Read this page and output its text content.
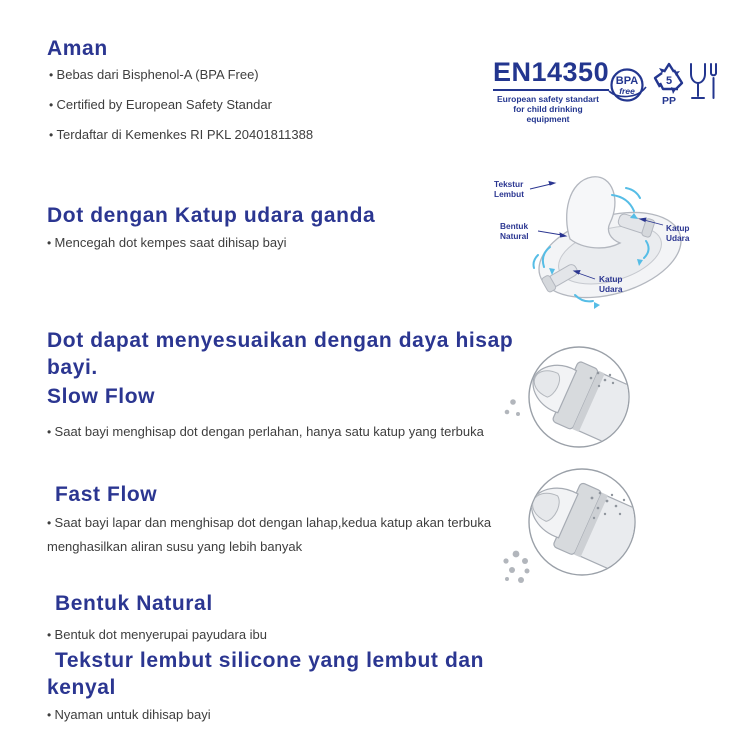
Aman
• Bebas dari Bisphenol-A (BPA Free)
• Certified by European Safety Standar
• Terdaftar di Kemenkes RI PKL 20401811388
EN14350
European safety standart
for child drinking equipment
BPA
free
5
PP
Tekstur
Lembut
Bentuk
Natural
Katup
Udara
Katup
Udara
Dot dengan Katup udara ganda
• Mencegah dot kempes saat dihisap bayi
Dot dapat menyesuaikan dengan daya hisap bayi.
Slow Flow
• Saat bayi menghisap dot dengan perlahan, hanya satu katup yang terbuka
Fast Flow
• Saat bayi lapar dan menghisap dot dengan lahap,kedua katup akan terbuka menghasilkan aliran susu yang lebih banyak
Bentuk Natural
• Bentuk dot menyerupai payudara ibu
Tekstur lembut silicone yang lembut dan kenyal
• Nyaman untuk dihisap bayi
